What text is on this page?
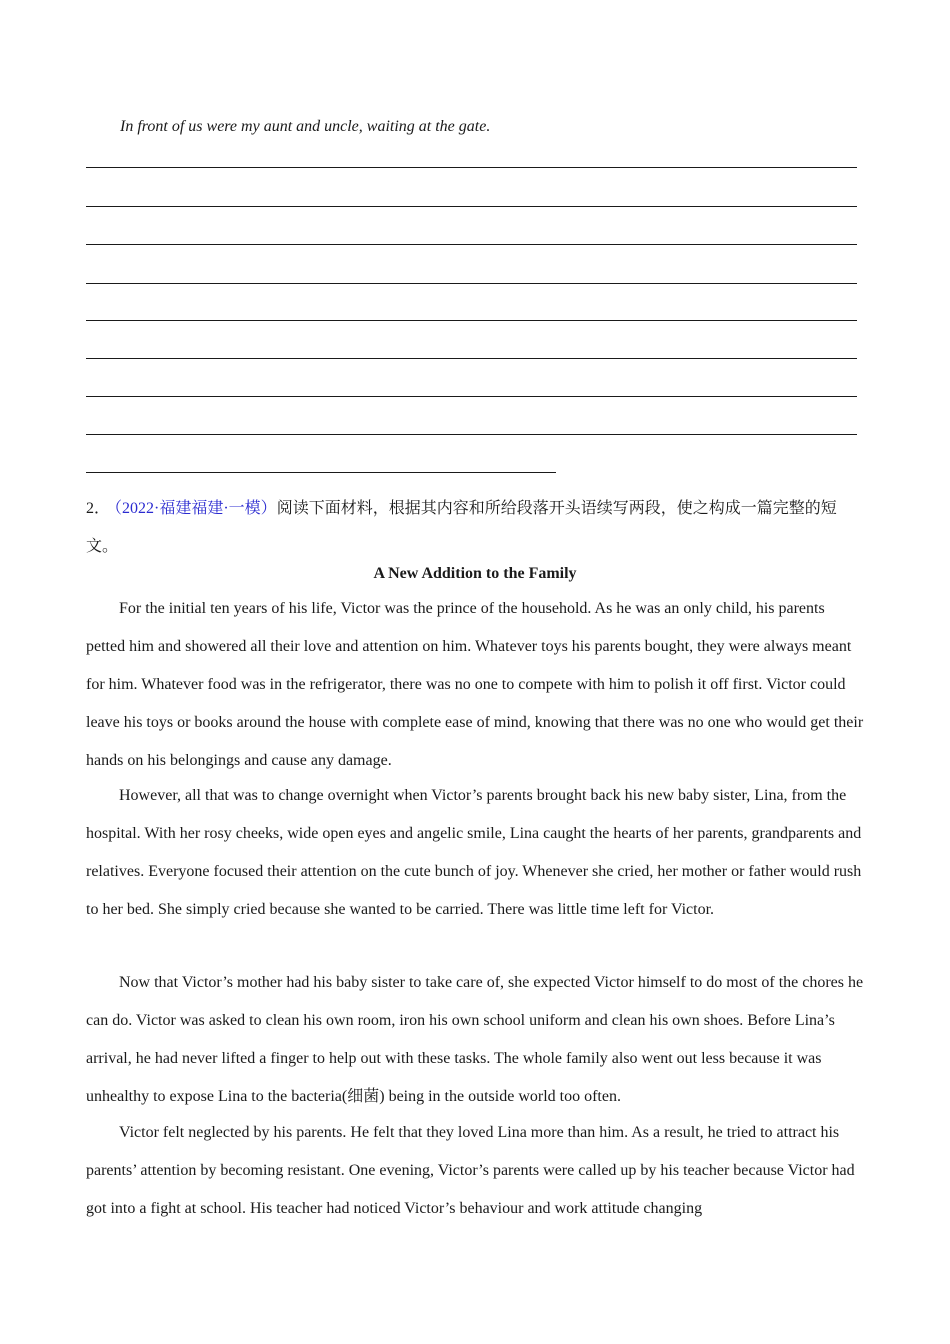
In front of us were my aunt and uncle, waiting at the gate.
2． （2022·福建福建·一模）阅读下面材料，根据其内容和所给段落开头语续写两段，使之构成一篇完整的短文。
A New Addition to the Family

For the initial ten years of his life, Victor was the prince of the household. As he was an only child, his parents petted him and showered all their love and attention on him. Whatever toys his parents bought, they were always meant for him. Whatever food was in the refrigerator, there was no one to compete with him to polish it off first. Victor could leave his toys or books around the house with complete ease of mind, knowing that there was no one who would get their hands on his belongings and cause any damage.

However, all that was to change overnight when Victor’s parents brought back his new baby sister, Lina, from the hospital. With her rosy cheeks, wide open eyes and angelic smile, Lina caught the hearts of her parents, grandparents and relatives. Everyone focused their attention on the cute bunch of joy. Whenever she cried, her mother or father would rush to her bed. She simply cried because she wanted to be carried. There was little time left for Victor.

Now that Victor’s mother had his baby sister to take care of, she expected Victor himself to do most of the chores he can do. Victor was asked to clean his own room, iron his own school uniform and clean his own shoes. Before Lina’s arrival, he had never lifted a finger to help out with these tasks. The whole family also went out less because it was unhealthy to expose Lina to the bacteria(细菌) being in the outside world too often.

Victor felt neglected by his parents. He felt that they loved Lina more than him. As a result, he tried to attract his parents’ attention by becoming resistant. One evening, Victor’s parents were called up by his teacher because Victor had got into a fight at school. His teacher had noticed Victor’s behaviour and work attitude changing
